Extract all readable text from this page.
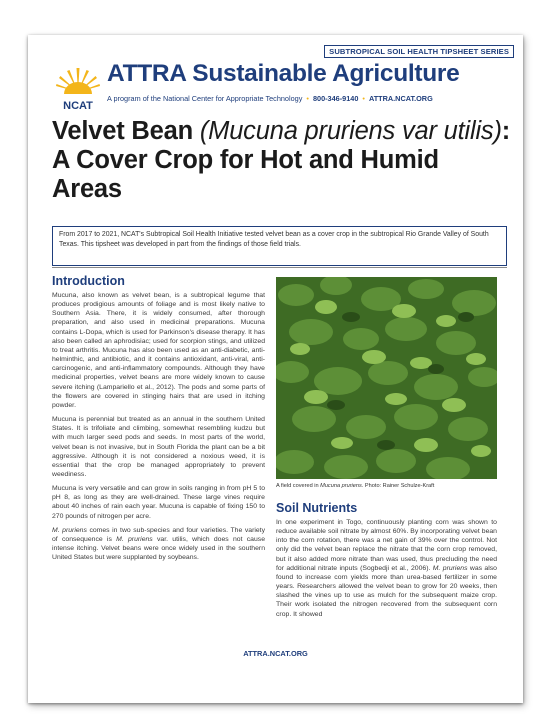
SUBTROPICAL SOIL HEALTH TIPSHEET SERIES
NCAT
ATTRA Sustainable Agriculture
A program of the National Center for Appropriate Technology • 800-346-9140 • ATTRA.NCAT.ORG
Velvet Bean (Mucuna pruriens var utilis): A Cover Crop for Hot and Humid Areas
From 2017 to 2021, NCAT's Subtropical Soil Health Initiative tested velvet bean as a cover crop in the subtropical Rio Grande Valley of South Texas. This tipsheet was developed in part from the findings of those field trials.
Introduction

Mucuna, also known as velvet bean, is a subtropical legume that produces prodigious amounts of foliage and is most likely native to Southern Asia. There, it is widely consumed, after thorough preparation, and also used in medicinal preparations. Mucuna contains L-Dopa, which is used for Parkinson's disease therapy. It has also been called an aphrodisiac; used for scorpion stings, and utilized to treat arthritis. Mucuna has also been used as an anti-diabetic, anti-helminthic, and antibiotic, and it contains antioxidant, anti-viral, anti-carcinogenic, and anti-inflammatory compounds. Although they have medicinal properties, velvet beans are more widely known to cause severe itching (Lampariello et al., 2012). The pods and some parts of the flowers are covered in stinging hairs that are used in itching powder.

Mucuna is perennial but treated as an annual in the southern United States. It is trifoliate and climbing, somewhat resembling kudzu but with much larger seed pods and seeds. In most parts of the world, velvet bean is not invasive, but in South Florida the plant can be a bit aggressive. Although it is not considered a noxious weed, it is essential that the crop be managed appropriately to prevent weediness.

Mucuna is very versatile and can grow in soils ranging in from pH 5 to pH 8, as long as they are well-drained. These large vines require about 40 inches of rain each year. Mucuna is capable of fixing 150 to 270 pounds of nitrogen per acre.

M. pruriens comes in two sub-species and four varieties. The variety of consequence is M. pruriens var. utilis, which does not cause intense itching. Velvet beans were once widely used in the southern United States but were supplanted by soybeans.

A field covered in Mucuna pruriens. Photo: Rainer Schulze-Kraft
Soil Nutrients

In one experiment in Togo, continuously planting corn was shown to reduce available soil nitrate by almost 60%. By incorporating velvet bean into the corn rotation, there was a net gain of 39% over the control. Not only did the velvet bean replace the nitrate that the corn crop removed, but it also added more nitrate than was used, thus precluding the need for additional nitrate inputs (Sogbedji et al., 2006). M. pruriens was also found to increase corn yields more than urea-based fertilizer in some years. Researchers allowed the velvet bean to grow for 20 weeks, then slashed the vines up to use as mulch for the subsequent maize crop. Their work isolated the nitrogen recovered from the subsequent corn crop. It showed

ATTRA.NCAT.ORG
